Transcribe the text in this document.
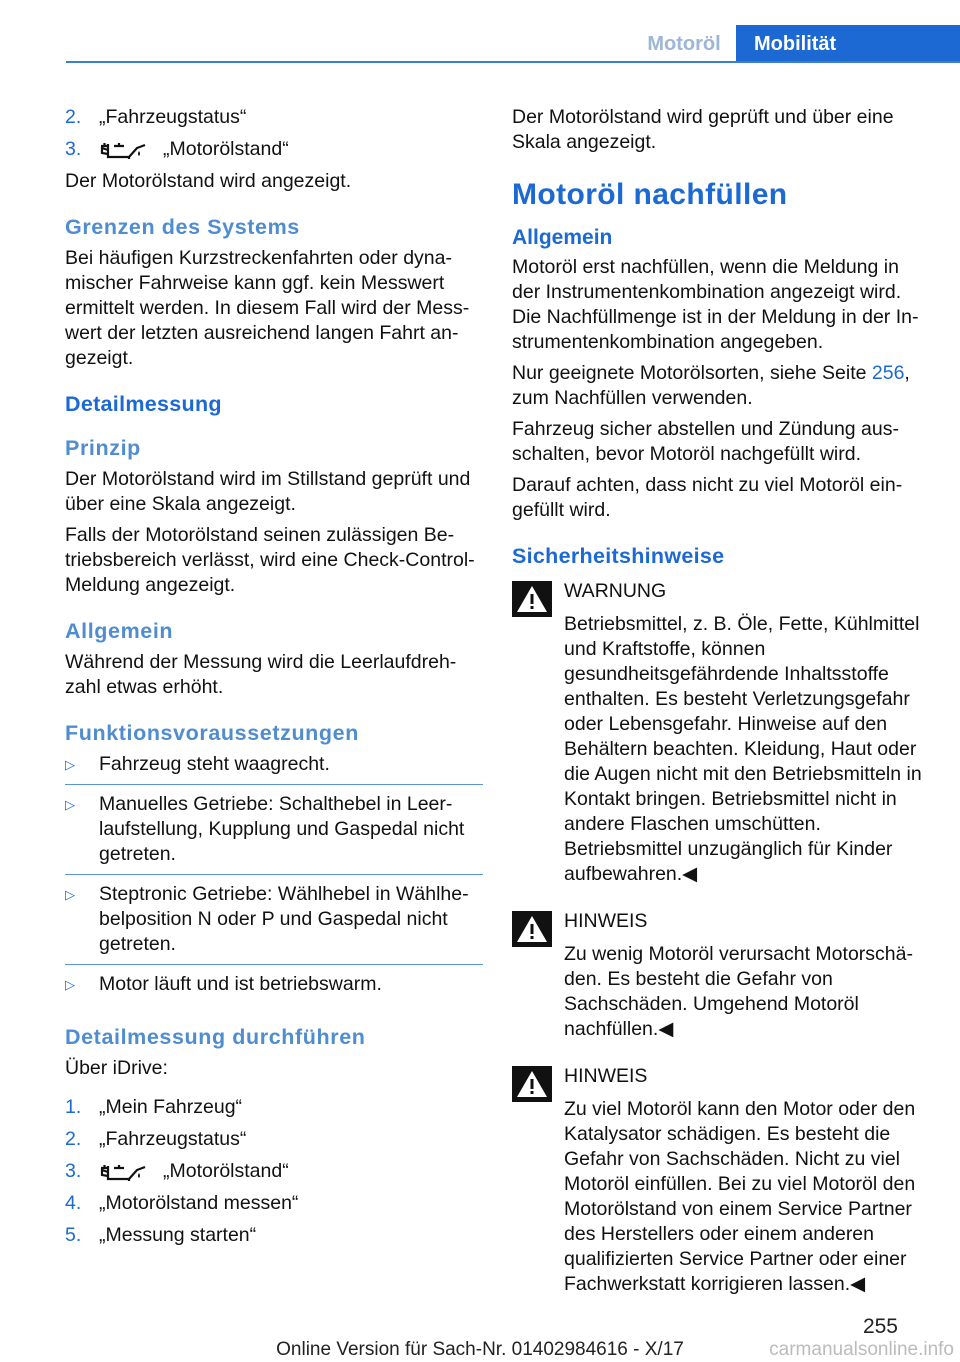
Motoröl	Mobilität
2. „Fahrzeugstatus“
3.	„Motorölstand“

Der Motorölstand wird angezeigt.

Grenzen des Systems

Bei häufigen Kurzstreckenfahrten oder dynamischer Fahrweise kann ggf. kein Messwert ermittelt werden. In diesem Fall wird der Messwert der letzten ausreichend langen Fahrt angezeigt.

Detailmessung
Prinzip

Der Motorölstand wird im Stillstand geprüft und über eine Skala angezeigt.

Falls der Motorölstand seinen zulässigen Betriebsbereich verlässt, wird eine Check-Control-Meldung angezeigt.

Allgemein

Während der Messung wird die Leerlaufdrehzahl etwas erhöht.

Funktionsvoraussetzungen
▷ Fahrzeug steht waagrecht.
▷ Manuelles Getriebe: Schalthebel in Leerlaufstellung, Kupplung und Gaspedal nicht getreten.
▷ Steptronic Getriebe: Wählhebel in Wählhebelposition N oder P und Gaspedal nicht getreten.
▷ Motor läuft und ist betriebswarm.
Detailmessung durchführen

Über iDrive:

1. „Mein Fahrzeug“
2. „Fahrzeugstatus“
3.	„Motorölstand“
4. „Motorölstand messen“
5. „Messung starten“

Der Motorölstand wird geprüft und über eine Skala angezeigt.

Motoröl nachfüllen
Allgemein

Motoröl erst nachfüllen, wenn die Meldung in der Instrumentenkombination angezeigt wird. Die Nachfüllmenge ist in der Meldung in der Instrumentenkombination angegeben.

Nur geeignete Motorölsorten, siehe Seite 256, zum Nachfüllen verwenden.

Fahrzeug sicher abstellen und Zündung ausschalten, bevor Motoröl nachgefüllt wird.

Darauf achten, dass nicht zu viel Motoröl eingefüllt wird.

Sicherheitshinweise
WARNUNG
Betriebsmittel, z. B. Öle, Fette, Kühlmittel und Kraftstoffe, können gesundheitsgefährdende Inhaltsstoffe enthalten. Es besteht Verletzungsgefahr oder Lebensgefahr. Hinweise auf den Behältern beachten. Kleidung, Haut oder die Augen nicht mit den Betriebsmitteln in Kontakt bringen. Betriebsmittel nicht in andere Flaschen umschütten. Betriebsmittel unzugänglich für Kinder aufbewahren.◀
HINWEIS
Zu wenig Motoröl verursacht Motorschäden. Es besteht die Gefahr von Sachschäden. Umgehend Motoröl nachfüllen.◀
HINWEIS
Zu viel Motoröl kann den Motor oder den Katalysator schädigen. Es besteht die Gefahr von Sachschäden. Nicht zu viel Motoröl einfüllen. Bei zu viel Motoröl den Motorölstand von einem Service Partner des Herstellers oder einem anderen qualifizierten Service Partner oder einer Fachwerkstatt korrigieren lassen.◀
255
Online Version für Sach-Nr. 01402984616 - X/17	carmanualsonline.info
